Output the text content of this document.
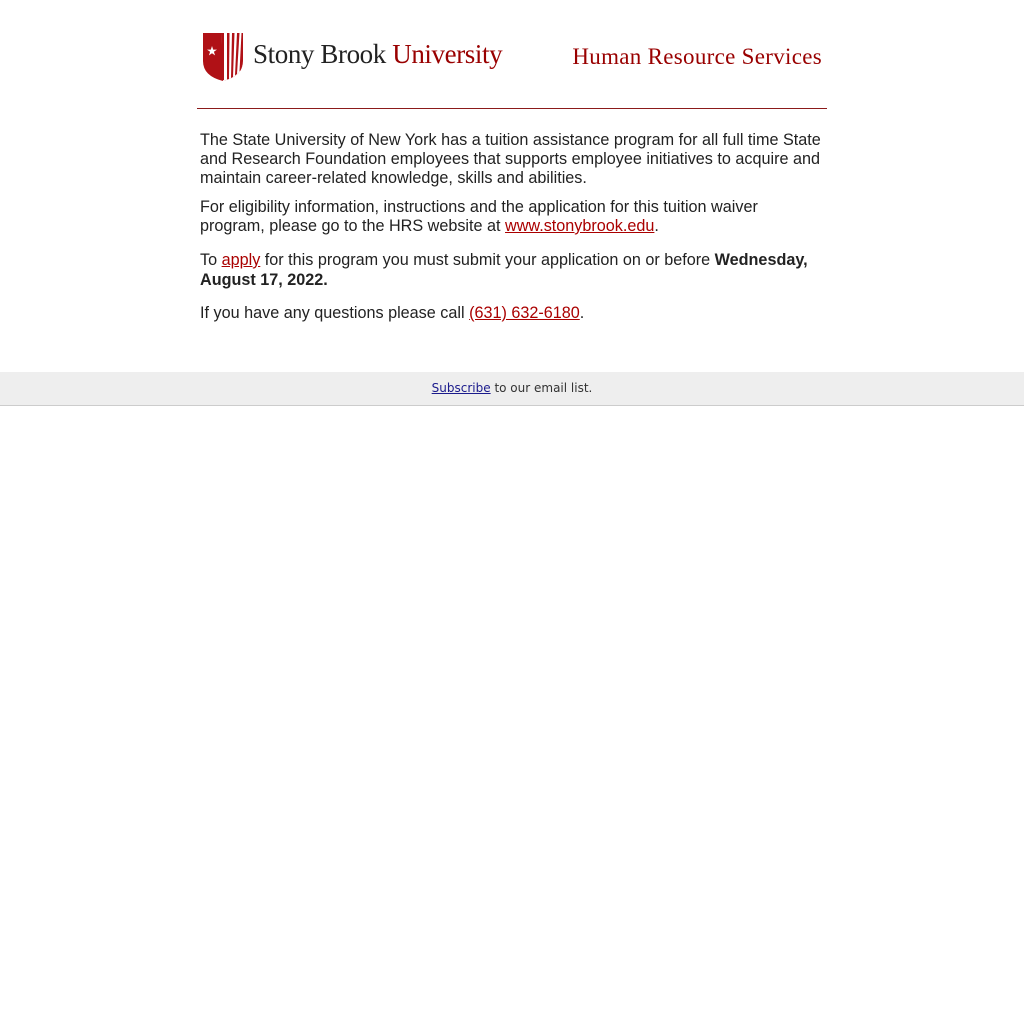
Stony Brook University	Human Resource Services

The State University of New York has a tuition assistance program for all full time State and Research Foundation employees that supports employee initiatives to acquire and maintain career-related knowledge, skills and abilities.

For eligibility information, instructions and the application for this tuition waiver program, please go to the HRS website at www.stonybrook.edu.

To apply for this program you must submit your application on or before Wednesday, August 17, 2022.

If you have any questions please call (631) 632-6180.

Subscribe to our email list.
